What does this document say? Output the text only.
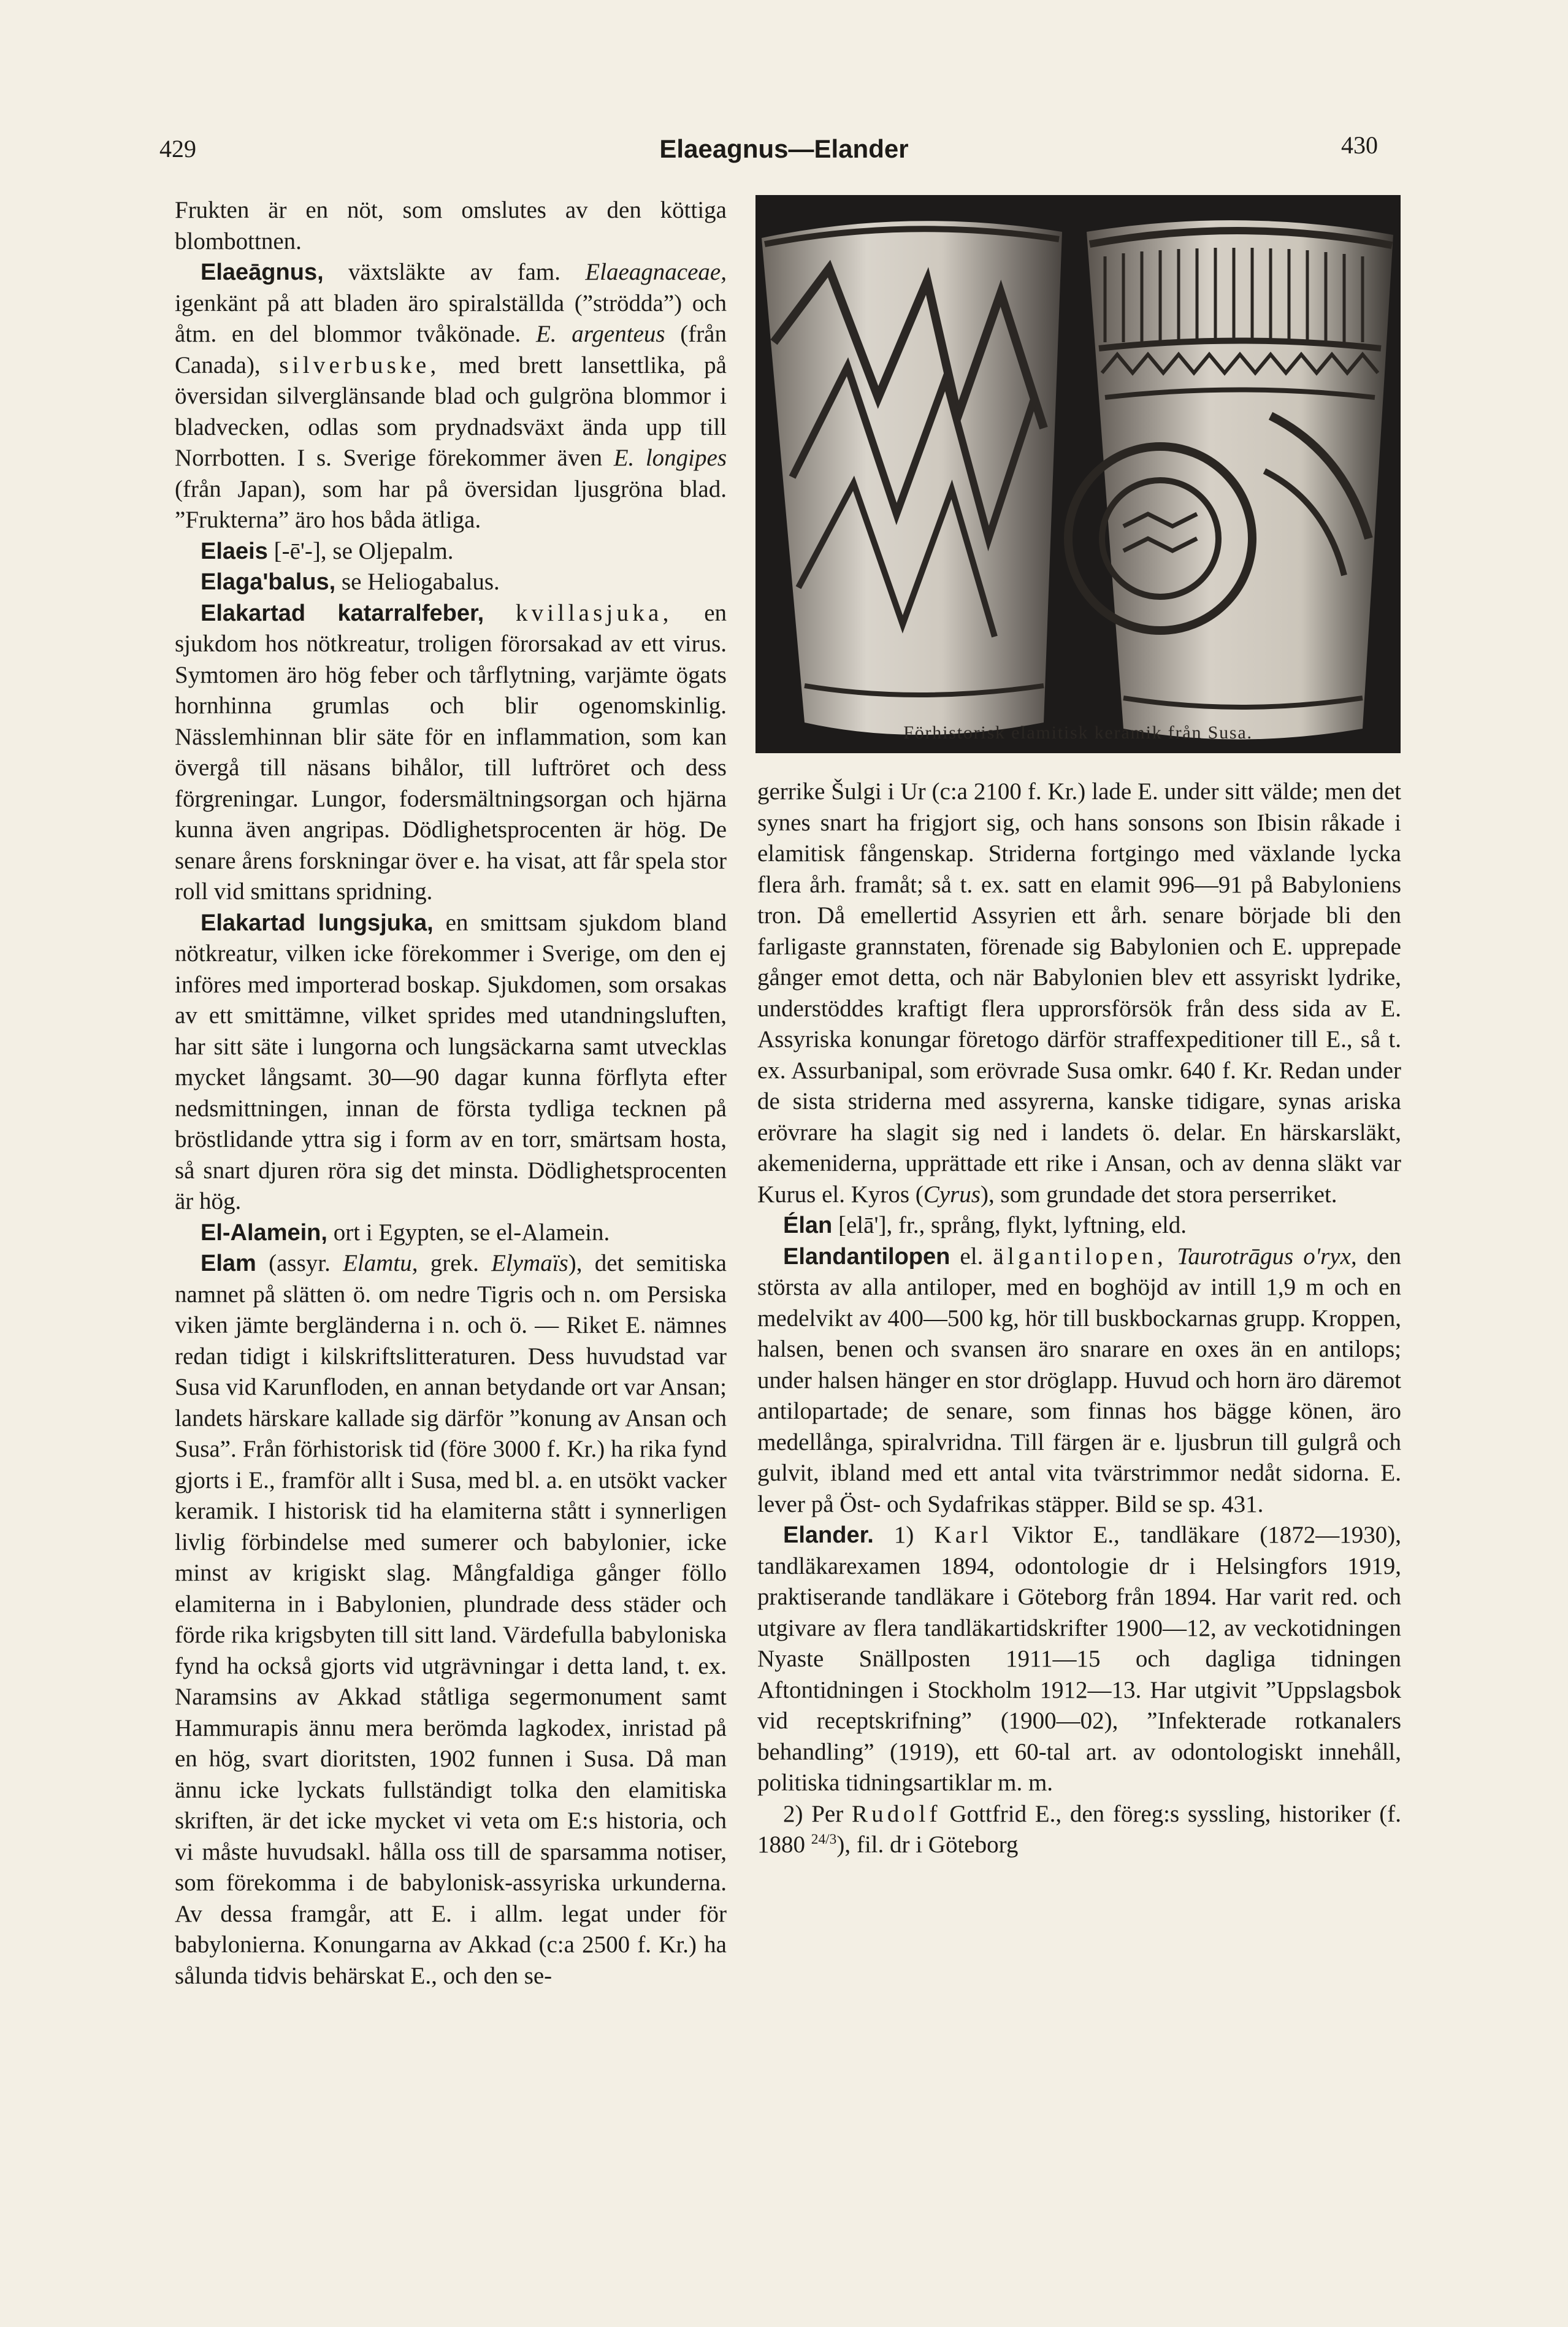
429	Elaeagnus—Elander	430

Frukten är en nöt, som omslutes av den köttiga blombottnen.

Elaeāgnus, växtsläkte av fam. Elaeagnaceae, igenkänt på att bladen äro spiralställda (”strödda”) och åtm. en del blommor tvåkönade. E. argenteus (från Canada), silverbuske, med brett lansettlika, på översidan silverglänsande blad och gulgröna blommor i bladvecken, odlas som prydnadsväxt ända upp till Norrbotten. I s. Sverige förekommer även E. longipes (från Japan), som har på översidan ljusgröna blad. ”Frukterna” äro hos båda ätliga.

Elaeis [-ē'-], se Oljepalm.

Elaga'balus, se Heliogabalus.

Elakartad katarralfeber, kvillasjuka, en sjukdom hos nötkreatur, troligen förorsakad av ett virus. Symtomen äro hög feber och tårflytning, varjämte ögats hornhinna grumlas och blir ogenomskinlig. Nässlemhinnan blir säte för en inflammation, som kan övergå till näsans bihålor, till luftröret och dess förgreningar. Lungor, fodersmältningsorgan och hjärna kunna även angripas. Dödlighetsprocenten är hög. De senare årens forskningar över e. ha visat, att får spela stor roll vid smittans spridning.

Elakartad lungsjuka, en smittsam sjukdom bland nötkreatur, vilken icke förekommer i Sverige, om den ej införes med importerad boskap. Sjukdomen, som orsakas av ett smittämne, vilket sprides med utandningsluften, har sitt säte i lungorna och lungsäckarna samt utvecklas mycket långsamt. 30—90 dagar kunna förflyta efter nedsmittningen, innan de första tydliga tecknen på bröstlidande yttra sig i form av en torr, smärtsam hosta, så snart djuren röra sig det minsta. Dödlighetsprocenten är hög.

El-Alamein, ort i Egypten, se el-Alamein.

Elam (assyr. Elamtu, grek. Elymaïs), det semitiska namnet på slätten ö. om nedre Tigris och n. om Persiska viken jämte bergländerna i n. och ö. — Riket E. nämnes redan tidigt i kilskriftslitteraturen. Dess huvudstad var Susa vid Karunfloden, en annan betydande ort var Ansan; landets härskare kallade sig därför ”konung av Ansan och Susa”. Från förhistorisk tid (före 3000 f. Kr.) ha rika fynd gjorts i E., framför allt i Susa, med bl. a. en utsökt vacker keramik. I historisk tid ha elamiterna stått i synnerligen livlig förbindelse med sumerer och babylonier, icke minst av krigiskt slag. Mångfaldiga gånger föllo elamiterna in i Babylonien, plundrade dess städer och förde rika krigsbyten till sitt land. Värdefulla babyloniska fynd ha också gjorts vid utgrävningar i detta land, t. ex. Naramsins av Akkad ståtliga segermonument samt Hammurapis ännu mera berömda lagkodex, inristad på en hög, svart dioritsten, 1902 funnen i Susa. Då man ännu icke lyckats fullständigt tolka den elamitiska skriften, är det icke mycket vi veta om E:s historia, och vi måste huvudsakl. hålla oss till de sparsamma notiser, som förekomma i de babylonisk-assyriska urkunderna. Av dessa framgår, att E. i allm. legat under för babylonierna. Konungarna av Akkad (c:a 2500 f. Kr.) ha sålunda tidvis behärskat E., och den se-

Förhistorisk elamitisk keramik från Susa.

gerrike Šulgi i Ur (c:a 2100 f. Kr.) lade E. under sitt välde; men det synes snart ha frigjort sig, och hans sonsons son Ibisin råkade i elamitisk fångenskap. Striderna fortgingo med växlande lycka flera årh. framåt; så t. ex. satt en elamit 996—91 på Babyloniens tron. Då emellertid Assyrien ett årh. senare började bli den farligaste grannstaten, förenade sig Babylonien och E. upprepade gånger emot detta, och när Babylonien blev ett assyriskt lydrike, understöddes kraftigt flera upprorsförsök från dess sida av E. Assyriska konungar företogo därför straffexpeditioner till E., så t. ex. Assurbanipal, som erövrade Susa omkr. 640 f. Kr. Redan under de sista striderna med assyrerna, kanske tidigare, synas ariska erövrare ha slagit sig ned i landets ö. delar. En härskarsläkt, akemeniderna, upprättade ett rike i Ansan, och av denna släkt var Kurus el. Kyros (Cyrus), som grundade det stora perserriket.

Élan [elā'], fr., språng, flykt, lyftning, eld.

Elandantilopen el. älgantilopen, Taurotrāgus o'ryx, den största av alla antiloper, med en boghöjd av intill 1,9 m och en medelvikt av 400—500 kg, hör till buskbockarnas grupp. Kroppen, halsen, benen och svansen äro snarare en oxes än en antilops; under halsen hänger en stor dröglapp. Huvud och horn äro däremot antilopartade; de senare, som finnas hos bägge könen, äro medellånga, spiralvridna. Till färgen är e. ljusbrun till gulgrå och gulvit, ibland med ett antal vita tvärstrimmor nedåt sidorna. E. lever på Öst- och Sydafrikas stäpper. Bild se sp. 431.

Elander. 1) Karl Viktor E., tandläkare (1872—1930), tandläkarexamen 1894, odontologie dr i Helsingfors 1919, praktiserande tandläkare i Göteborg från 1894. Har varit red. och utgivare av flera tandläkartidskrifter 1900—12, av veckotidningen Nyaste Snällposten 1911—15 och dagliga tidningen Aftontidningen i Stockholm 1912—13. Har utgivit ”Uppslagsbok vid receptskrifning” (1900—02), ”Infekterade rotkanalers behandling” (1919), ett 60-tal art. av odontologiskt innehåll, politiska tidningsartiklar m. m.

2) Per Rudolf Gottfrid E., den föreg:s syssling, historiker (f. 1880 $^{24/3}$), fil. dr i Göteborg
